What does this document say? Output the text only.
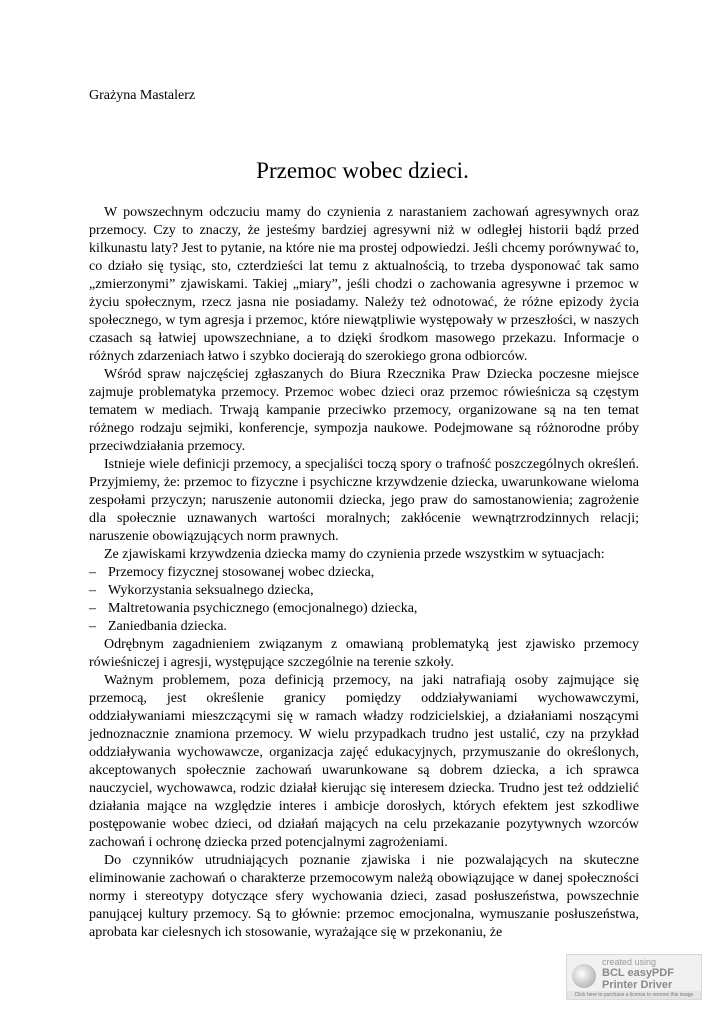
Grażyna Mastalerz

Przemoc wobec dzieci.

W powszechnym odczuciu mamy do czynienia z narastaniem zachowań agresywnych oraz przemocy. Czy to znaczy, że jesteśmy bardziej agresywni niż w odległej historii bądź przed kilkunastu laty? Jest to pytanie, na które nie ma prostej odpowiedzi. Jeśli chcemy porównywać to, co działo się tysiąc, sto, czterdzieści lat temu z aktualnością, to trzeba dysponować tak samo „zmierzonymi” zjawiskami. Takiej „miary”, jeśli chodzi o zachowania agresywne i przemoc w życiu społecznym, rzecz jasna nie posiadamy. Należy też odnotować, że różne epizody życia społecznego, w tym agresja i przemoc, które niewątpliwie występowały w przeszłości, w naszych czasach są łatwiej upowszechniane, a to dzięki środkom masowego przekazu. Informacje o różnych zdarzeniach łatwo i szybko docierają do szerokiego grona odbiorców.

Wśród spraw najczęściej zgłaszanych do Biura Rzecznika Praw Dziecka poczesne miejsce zajmuje problematyka przemocy. Przemoc wobec dzieci oraz przemoc rówieśnicza są częstym tematem w mediach. Trwają kampanie przeciwko przemocy, organizowane są na ten temat różnego rodzaju sejmiki, konferencje, sympozja naukowe. Podejmowane są różnorodne próby przeciwdziałania przemocy.

Istnieje wiele definicji przemocy, a specjaliści toczą spory o trafność poszczególnych określeń. Przyjmiemy, że: przemoc to fizyczne i psychiczne krzywdzenie dziecka, uwarunkowane wieloma zespołami przyczyn; naruszenie autonomii dziecka, jego praw do samostanowienia; zagrożenie dla społecznie uznawanych wartości moralnych; zakłócenie wewnątrzrodzinnych relacji; naruszenie obowiązujących norm prawnych.

Ze zjawiskami krzywdzenia dziecka mamy do czynienia przede wszystkim w sytuacjach:

– Przemocy fizycznej stosowanej wobec dziecka,
– Wykorzystania seksualnego dziecka,
– Maltretowania psychicznego (emocjonalnego) dziecka,
– Zaniedbania dziecka.

Odrębnym zagadnieniem związanym z omawianą problematyką jest zjawisko przemocy rówieśniczej i agresji, występujące szczególnie na terenie szkoły.

Ważnym problemem, poza definicją przemocy, na jaki natrafiają osoby zajmujące się przemocą, jest określenie granicy pomiędzy oddziaływaniami wychowawczymi, oddziaływaniami mieszczącymi się w ramach władzy rodzicielskiej, a działaniami noszącymi jednoznacznie znamiona przemocy. W wielu przypadkach trudno jest ustalić, czy na przykład oddziaływania wychowawcze, organizacja zajęć edukacyjnych, przymuszanie do określonych, akceptowanych społecznie zachowań uwarunkowane są dobrem dziecka, a ich sprawca nauczyciel, wychowawca, rodzic działał kierując się interesem dziecka. Trudno jest też oddzielić działania mające na względzie interes i ambicje dorosłych, których efektem jest szkodliwe postępowanie wobec dzieci, od działań mających na celu przekazanie pozytywnych wzorców zachowań i ochronę dziecka przed potencjalnymi zagrożeniami.

Do czynników utrudniających poznanie zjawiska i nie pozwalających na skuteczne eliminowanie zachowań o charakterze przemocowym należą obowiązujące w danej społeczności normy i stereotypy dotyczące sfery wychowania dzieci, zasad posłuszeństwa, powszechnie panującej kultury przemocy. Są to głównie: przemoc emocjonalna, wymuszanie posłuszeństwa, aprobata kar cielesnych ich stosowanie, wyrażające się w przekonaniu, że

created using
BCL easyPDF
Printer Driver
Click here to purchase a license to remove this image
